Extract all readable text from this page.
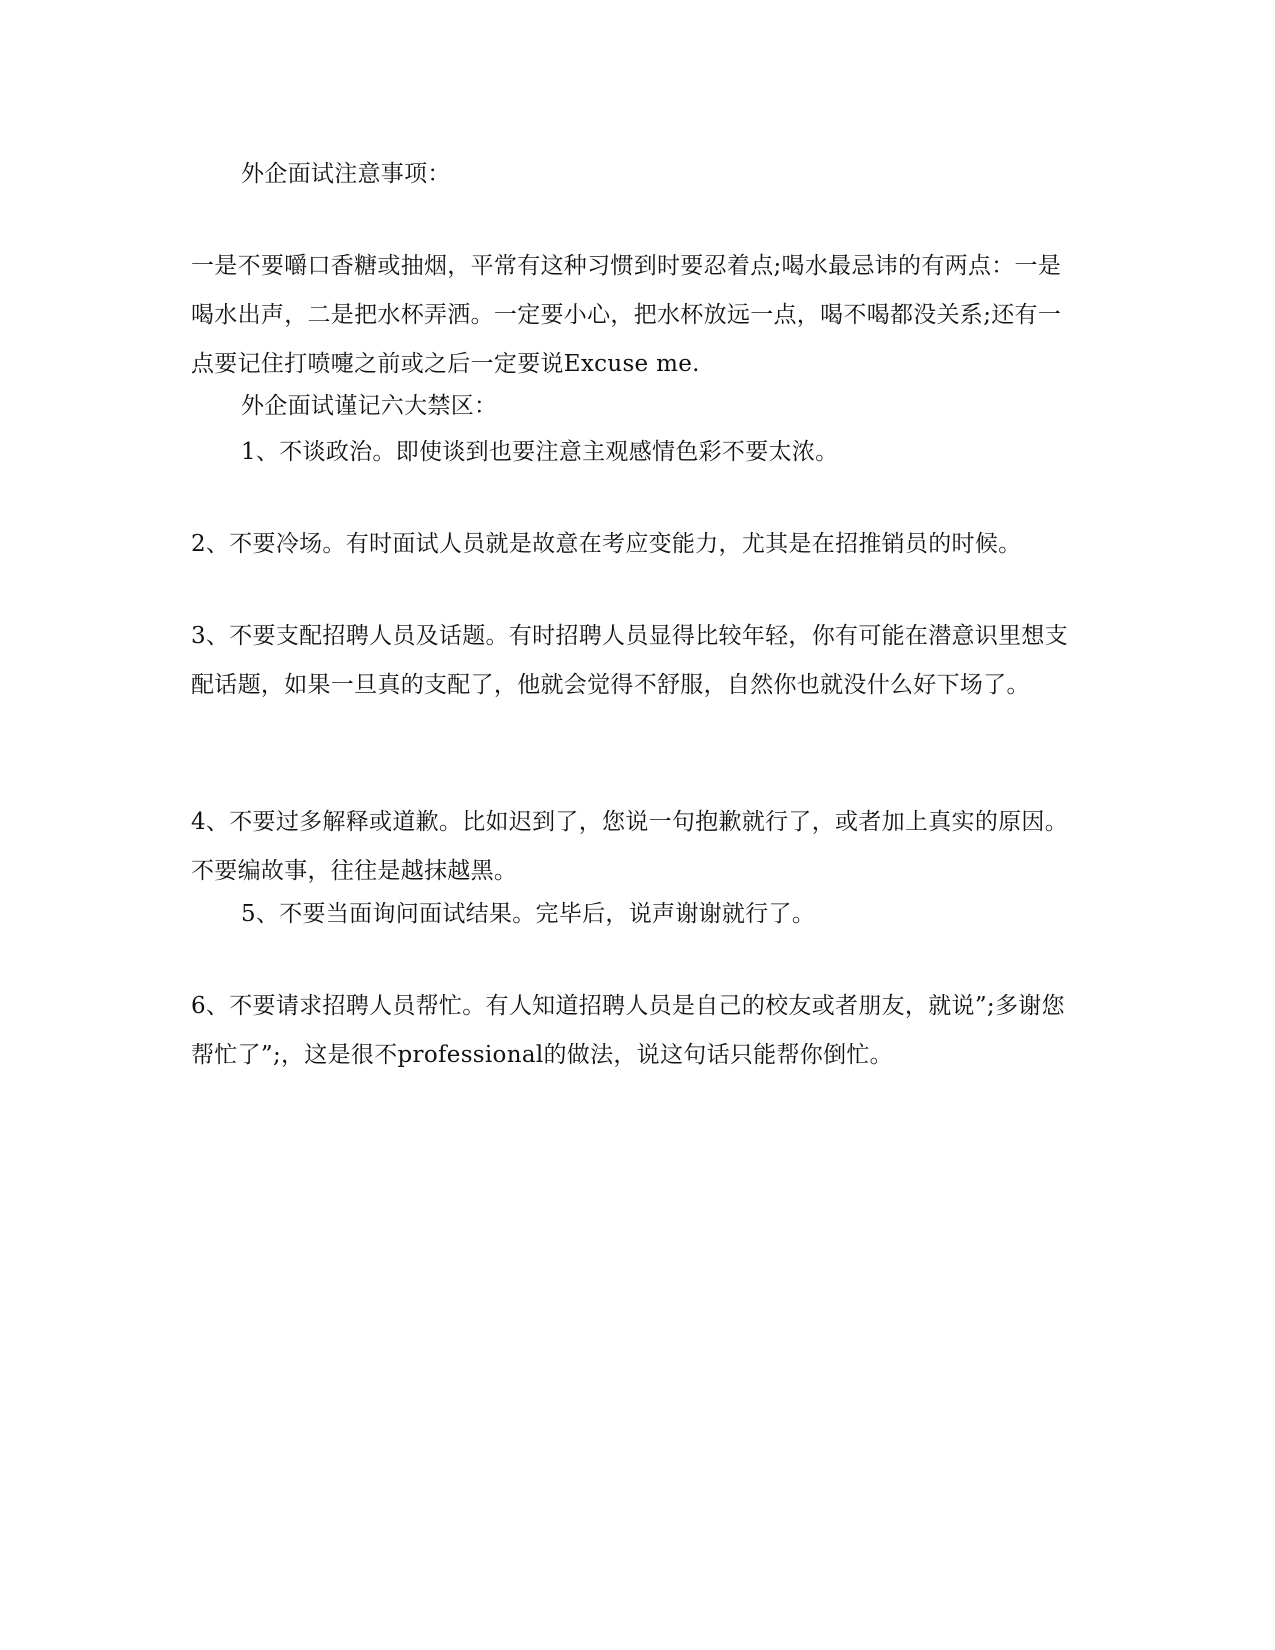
外企面试注意事项：

一是不要嚼口香糖或抽烟，平常有这种习惯到时要忍着点;喝水最忌讳的有两点：一是喝水出声，二是把水杯弄洒。一定要小心，把水杯放远一点，喝不喝都没关系;还有一点要记住打喷嚏之前或之后一定要说Excuse me.

外企面试谨记六大禁区：

1、不谈政治。即使谈到也要注意主观感情色彩不要太浓。

2、不要冷场。有时面试人员就是故意在考应变能力，尤其是在招推销员的时候。

3、不要支配招聘人员及话题。有时招聘人员显得比较年轻，你有可能在潜意识里想支配话题，如果一旦真的支配了，他就会觉得不舒服，自然你也就没什么好下场了。

4、不要过多解释或道歉。比如迟到了，您说一句抱歉就行了，或者加上真实的原因。不要编故事，往往是越抹越黑。

5、不要当面询问面试结果。完毕后，说声谢谢就行了。

6、不要请求招聘人员帮忙。有人知道招聘人员是自己的校友或者朋友，就说”;多谢您帮忙了”;，这是很不professional的做法，说这句话只能帮你倒忙。
